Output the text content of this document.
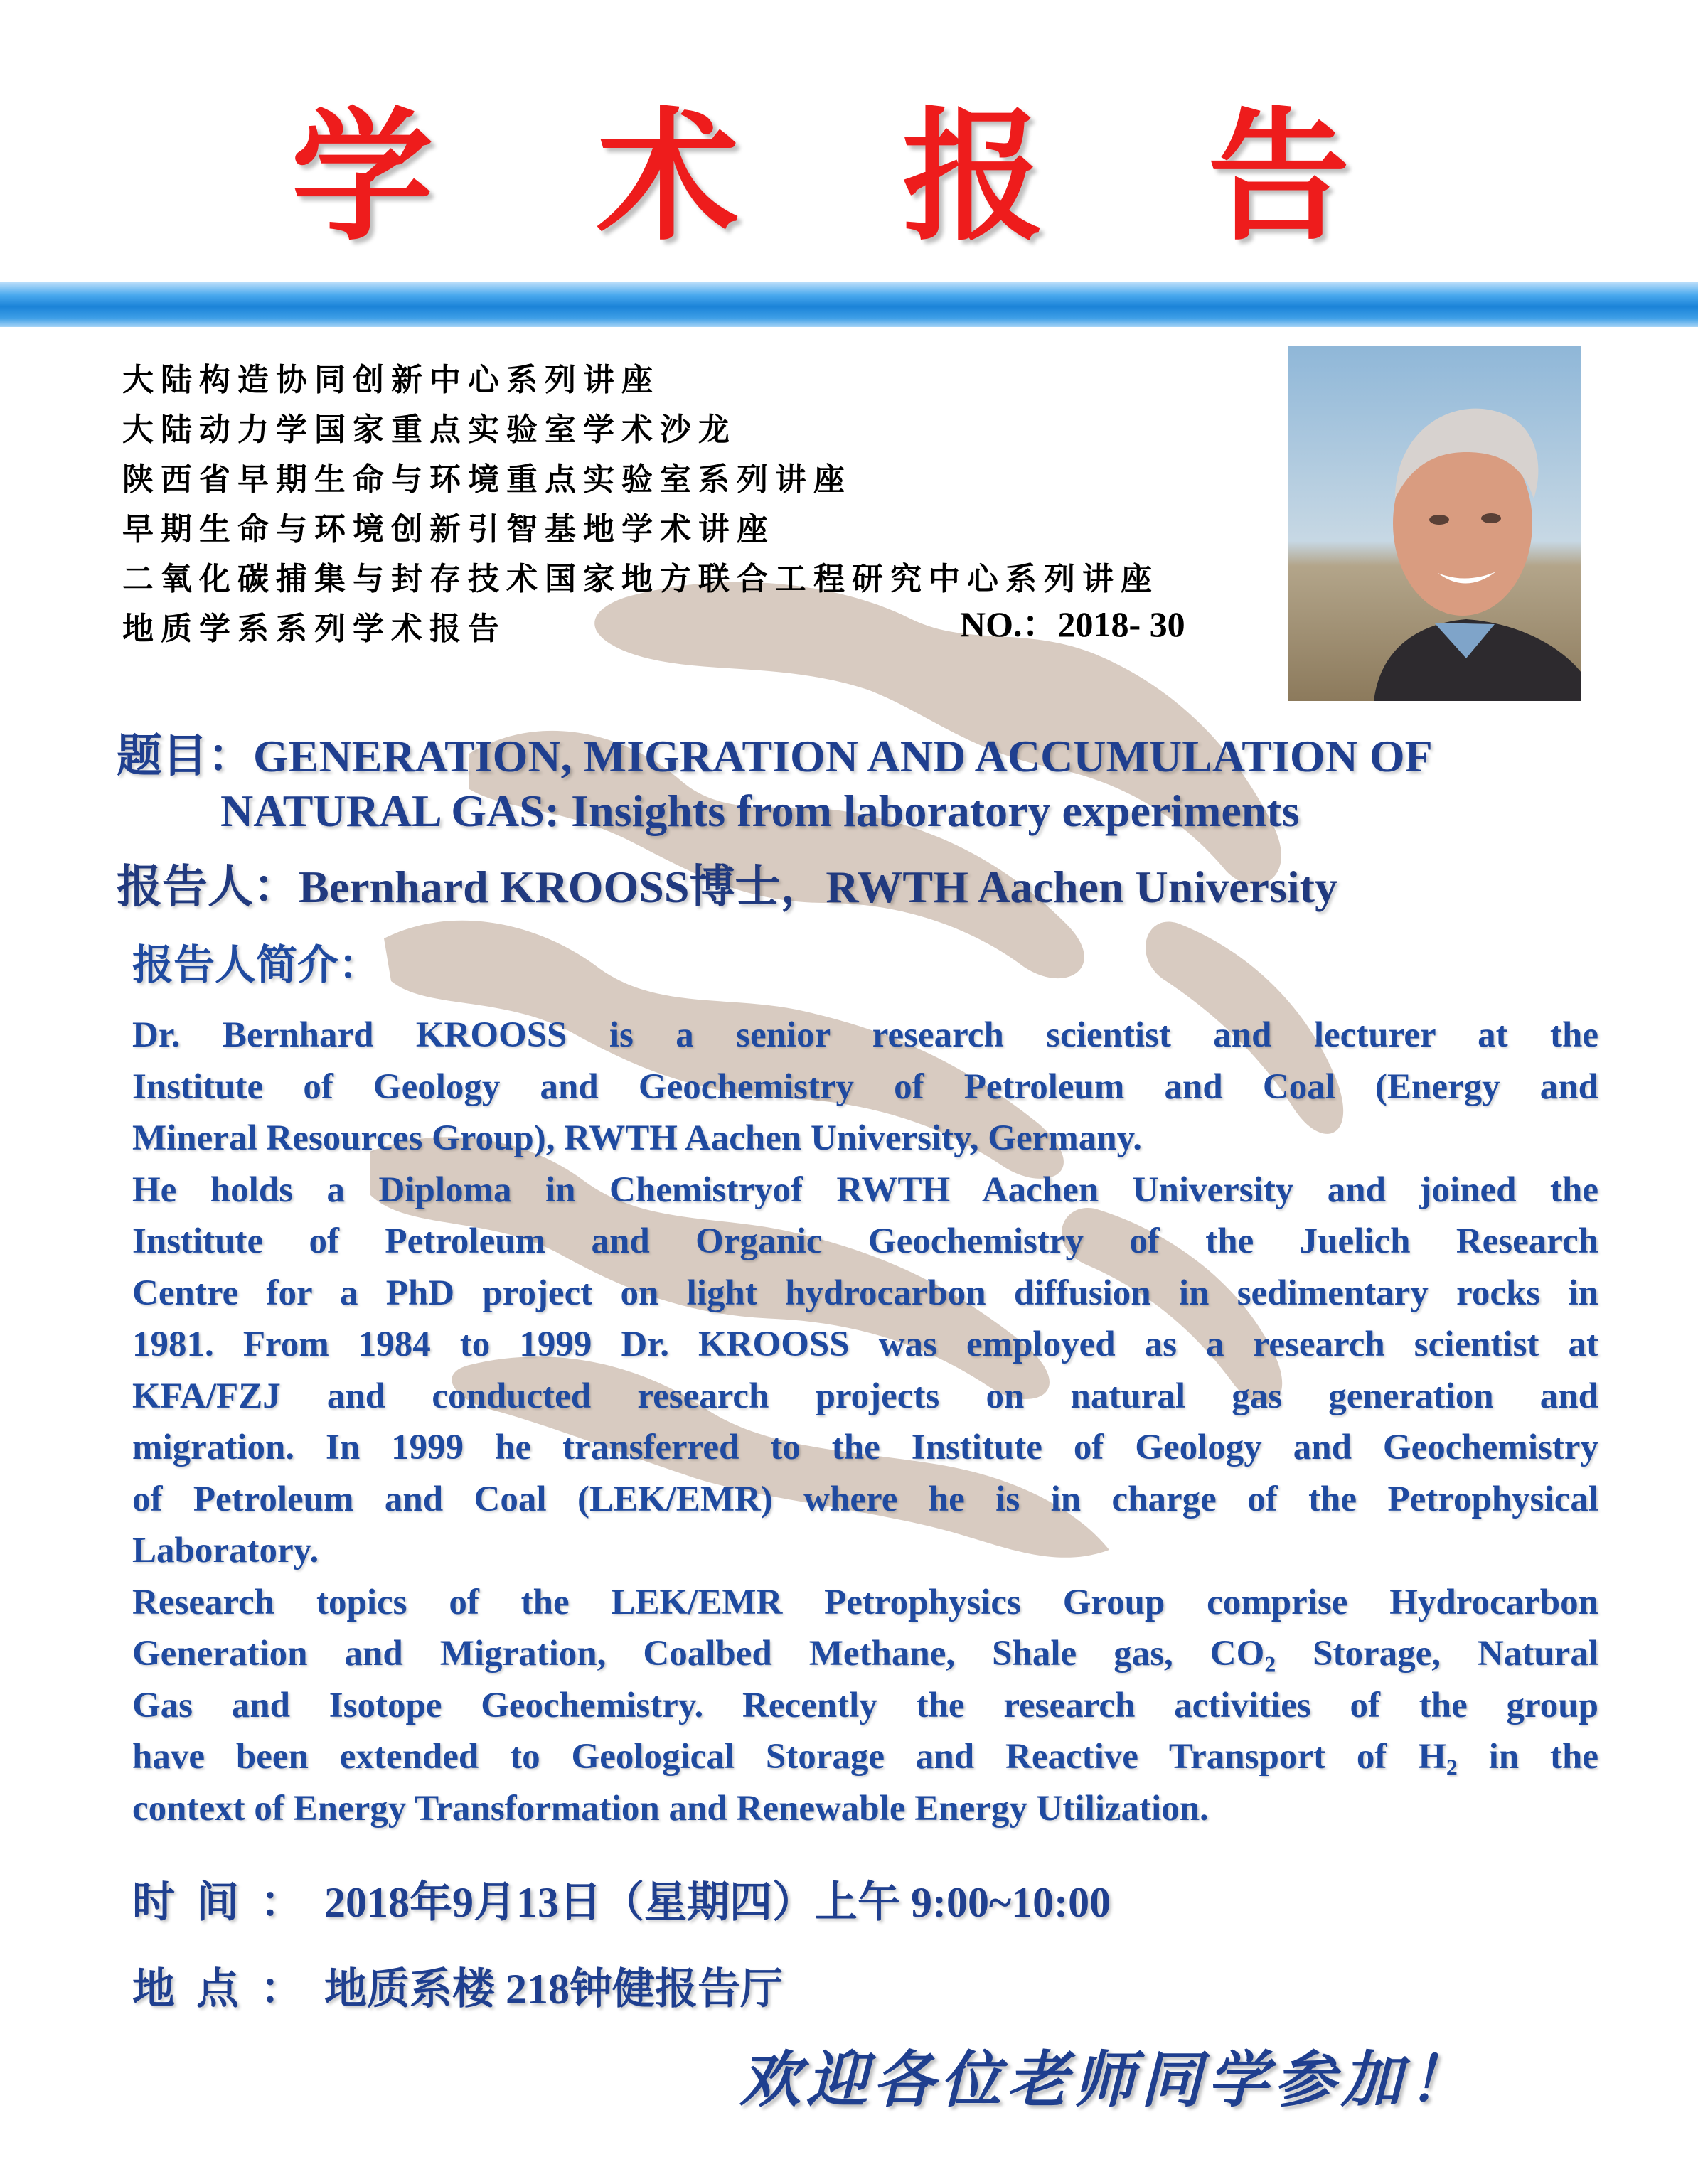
学 术 报 告
大陆构造协同创新中心系列讲座
大陆动力学国家重点实验室学术沙龙
陕西省早期生命与环境重点实验室系列讲座
早期生命与环境创新引智基地学术讲座
二氧化碳捕集与封存技术国家地方联合工程研究中心系列讲座
地质学系系列学术报告	NO.：2018- 30
题目：GENERATION, MIGRATION AND ACCUMULATION OF
NATURAL GAS: Insights from laboratory experiments
报告人：Bernhard KROOSS博士，RWTH Aachen University
报告人简介：
Dr. Bernhard KROOSS is a senior research scientist and lecturer at the
Institute of Geology and Geochemistry of Petroleum and Coal (Energy and
Mineral Resources Group), RWTH Aachen University, Germany.
He holds a Diploma in Chemistryof RWTH Aachen University and joined the
Institute of Petroleum and Organic Geochemistry of the Juelich Research
Centre for a PhD project on light hydrocarbon diffusion in sedimentary rocks in
1981. From 1984 to 1999 Dr. KROOSS was employed as a research scientist at
KFA/FZJ and conducted research projects on natural gas generation and
migration. In 1999 he transferred to the Institute of Geology and Geochemistry
of Petroleum and Coal (LEK/EMR) where he is in charge of the Petrophysical
Laboratory.
Research topics of the LEK/EMR Petrophysics Group comprise Hydrocarbon
Generation and Migration, Coalbed Methane, Shale gas, $CO_2$ Storage, Natural
Gas and Isotope Geochemistry. Recently the research activities of the group
have been extended to Geological Storage and Reactive Transport of $H_2$ in the
context of Energy Transformation and Renewable Energy Utilization.
时间：2018年9月13日（星期四）上午 9:00~10:00
地点：地质系楼 218钟健报告厅
欢迎各位老师同学参加！
